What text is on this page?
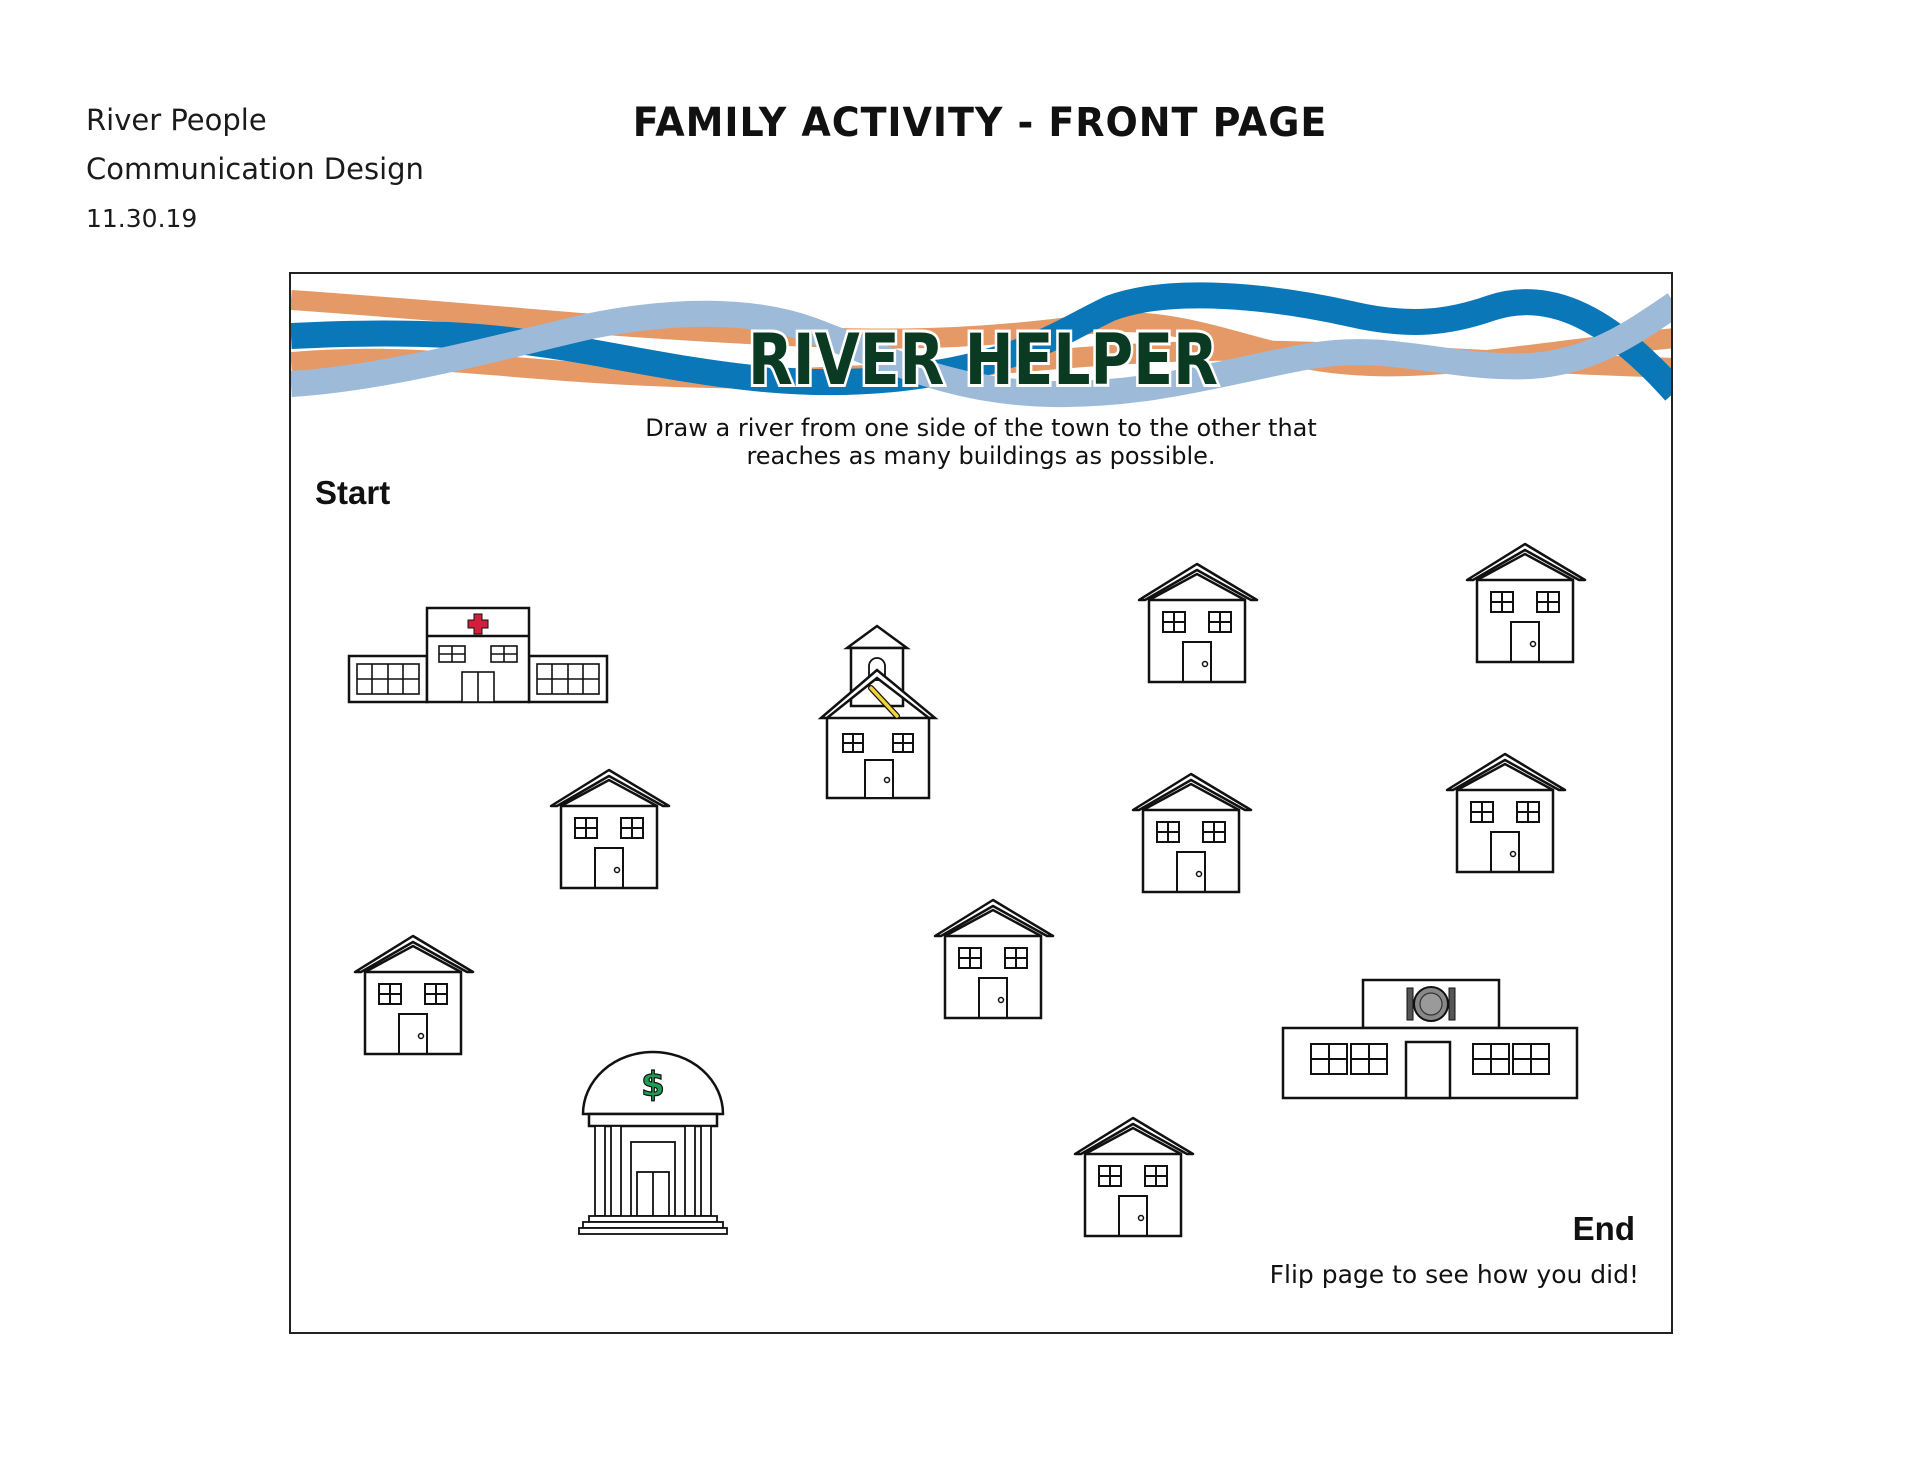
River People
Communication Design
11.30.19
FAMILY ACTIVITY - FRONT PAGE
RIVER HELPER
$
Draw a river from one side of the town to the other that
reaches as many buildings as possible.
Start
End
Flip page to see how you did!
